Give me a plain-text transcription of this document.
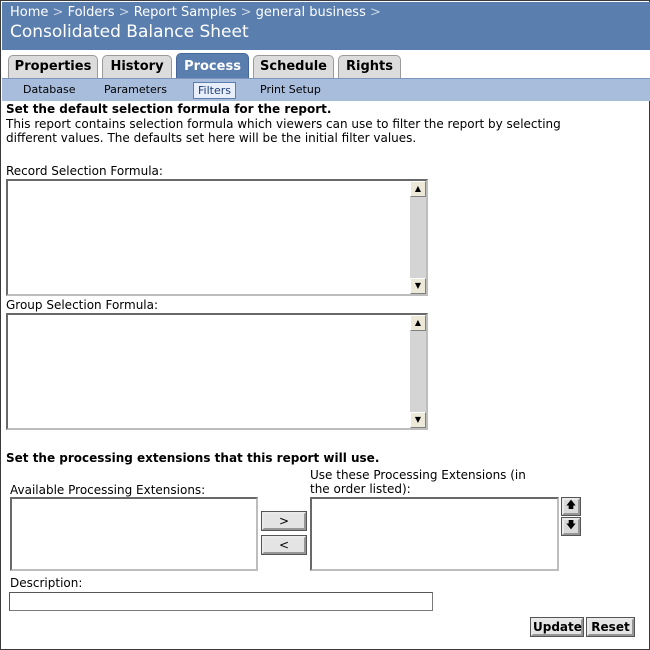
Home > Folders > Report Samples > general business >
Consolidated Balance Sheet
Properties	History	Process	Schedule	Rights
Database	Parameters	Filters	Print Setup
Set the default selection formula for the report.
This report contains selection formula which viewers can use to filter the report by selecting
different values. The defaults set here will be the initial filter values.
Record Selection Formula:
▲
▼
Group Selection Formula:
▲
▼
Set the processing extensions that this report will use.
Available Processing Extensions:
>
<
Use these Processing Extensions (in
the order listed):
🡅
🡇
Description:
Update Reset
